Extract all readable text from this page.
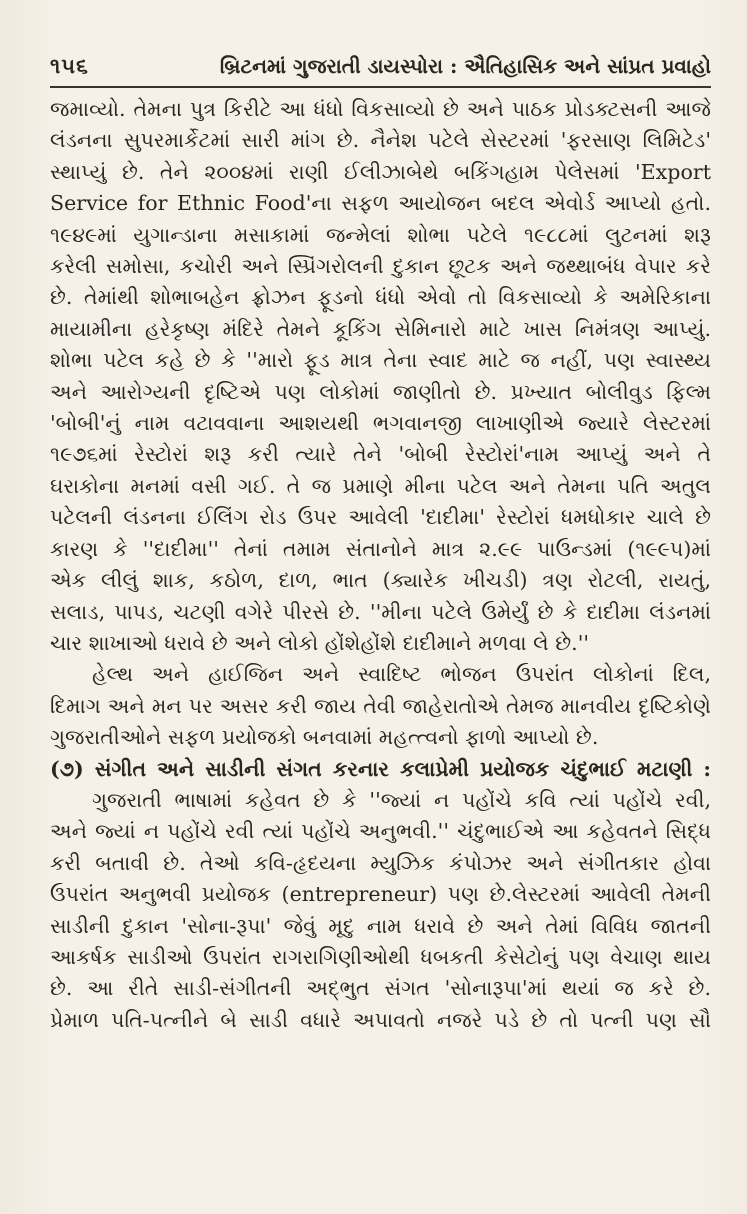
૧૫૬	બ્રિટનમાં ગુજરાતી ડાયસ્પોરા : ઐતિહાસિક અને સાંપ્રત પ્રવાહો

જમાવ્યો. તેમના પુત્ર કિરીટે આ ધંધો વિકસાવ્યો છે અને પાઠક પ્રોડક્ટસની આજે

લંડનના સુપરમાર્કેટમાં સારી માંગ છે. નૈનેશ પટેલે સેસ્ટરમાં 'ફરસાણ લિમિટેડ'

સ્થાપ્યું છે. તેને ૨૦૦૪માં રાણી ઈલીઝાબેથે બકિંગહામ પેલેસમાં 'Export

Service for Ethnic Food'ના સફળ આયોજન બદલ એવોર્ડ આપ્યો હતો.

૧૯૪૯માં યુગાન્ડાના મસાકામાં જન્મેલાં શોભા પટેલે ૧૯૮૮માં લુટનમાં શરૂ

કરેલી સમોસા, કચોરી અને સ્પ્રિંગરોલની દુકાન છૂટક અને જથ્થાબંધ વેપાર કરે

છે. તેમાંથી શોભાબહેન ફ્રોઝન ફૂડનો ધંધો એવો તો વિકસાવ્યો કે અમેરિકાના

માયામીના હરેકૃષ્ણ મંદિરે તેમને કૂકિંગ સેમિનારો માટે ખાસ નિમંત્રણ આપ્યું.

શોભા પટેલ કહે છે કે ''મારો ફૂડ માત્ર તેના સ્વાદ માટે જ નહીં, પણ સ્વાસ્થ્ય

અને આરોગ્યની દૃષ્ટિએ પણ લોકોમાં જાણીતો છે. પ્રખ્યાત બોલીવુડ ફિલ્મ

'બોબી'નું નામ વટાવવાના આશયથી ભગવાનજી લાખાણીએ જ્યારે લેસ્ટરમાં

૧૯૭૬માં રેસ્ટોરાં શરૂ કરી ત્યારે તેને 'બોબી રેસ્ટોરાં'નામ આપ્યું અને તે

ઘરાકોના મનમાં વસી ગઈ. તે જ પ્રમાણે મીના પટેલ અને તેમના પતિ અતુલ

પટેલની લંડનના ઈલિંગ રોડ ઉપર આવેલી 'દાદીમા' રેસ્ટોરાં ધમધોકાર ચાલે છે

કારણ કે ''દાદીમા'' તેનાં તમામ સંતાનોને માત્ર ૨.૯૯ પાઉન્ડમાં (૧૯૯૫)માં

એક લીલું શાક, કઠોળ, દાળ, ભાત (ક્યારેક ખીચડી) ત્રણ રોટલી, રાયતું,

સલાડ, પાપડ, ચટણી વગેરે પીરસે છે. ''મીના પટેલે ઉમેર્યું છે કે દાદીમા લંડનમાં

ચાર શાખાઓ ધરાવે છે અને લોકો હોંશેહોંશે દાદીમાને મળવા લે છે.''

હેલ્થ અને હાઈજિન અને સ્વાદિષ્ટ ભોજન ઉપરાંત લોકોનાં દિલ,

દિમાગ અને મન પર અસર કરી જાય તેવી જાહેરાતોએ તેમજ માનવીય દૃષ્ટિકોણે

ગુજરાતીઓને સફળ પ્રયોજકો બનવામાં મહત્ત્વનો ફાળો આપ્યો છે.

(૭) સંગીત અને સાડીની સંગત કરનાર કલાપ્રેમી પ્રયોજક ચંદુભાઈ મટાણી :

ગુજરાતી ભાષામાં કહેવત છે કે ''જ્યાં ન પહોંચે કવિ ત્યાં પહોંચે રવી,

અને જ્યાં ન પહોંચે રવી ત્યાં પહોંચે અનુભવી.'' ચંદુભાઈએ આ કહેવતને સિદ્ધ

કરી બતાવી છે. તેઓ કવિ-હૃદયના મ્યુઝિક કંપોઝર અને સંગીતકાર હોવા

ઉપરાંત અનુભવી પ્રયોજક (entrepreneur) પણ છે.લેસ્ટરમાં આવેલી તેમની

સાડીની દુકાન 'સોના-રૂપા' જેવું મૃદુ નામ ધરાવે છે અને તેમાં વિવિધ જાતની

આકર્ષક સાડીઓ ઉપરાંત રાગરાગિણીઓથી ધબકતી કેસેટોનું પણ વેચાણ થાય

છે. આ રીતે સાડી-સંગીતની અદ્ભુત સંગત 'સોનારૂપા'માં થયાં જ કરે છે.

પ્રેમાળ પતિ-પત્નીને બે સાડી વધારે અપાવતો નજરે પડે છે તો પત્ની પણ સૌ
